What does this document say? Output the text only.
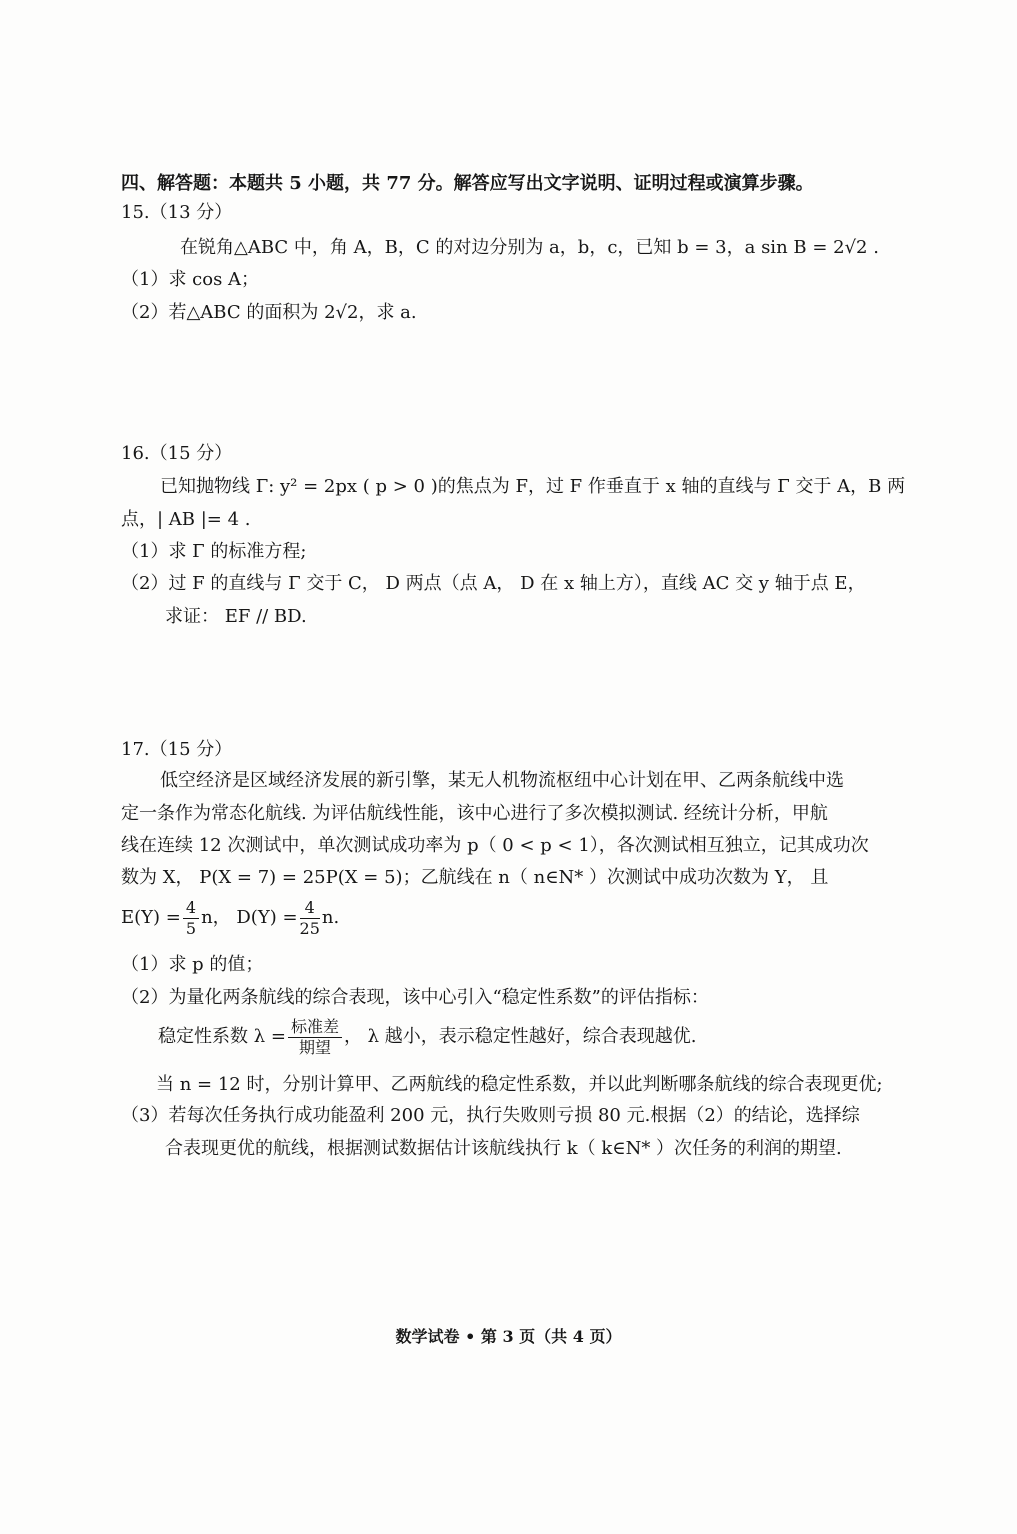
四、解答题：本题共 5 小题，共 77 分。解答应写出文字说明、证明过程或演算步骤。
15.（13 分）
在锐角△ABC 中，角 A，B，C 的对边分别为 a，b，c，已知 b = 3，a sin B = 2√2 .
（1）求 cos A；
（2）若△ABC 的面积为 2√2，求 a.
16.（15 分）
已知抛物线 Γ: y² = 2px ( p > 0 )的焦点为 F，过 F 作垂直于 x 轴的直线与 Γ 交于 A，B 两
点，| AB |= 4 .
（1）求 Γ 的标准方程;
（2）过 F 的直线与 Γ 交于 C， D 两点（点 A， D 在 x 轴上方），直线 AC 交 y 轴于点 E，
求证： EF // BD.
17.（15 分）
低空经济是区域经济发展的新引擎，某无人机物流枢纽中心计划在甲、乙两条航线中选
定一条作为常态化航线. 为评估航线性能，该中心进行了多次模拟测试. 经统计分析，甲航
线在连续 12 次测试中，单次测试成功率为 p（ 0 < p < 1），各次测试相互独立，记其成功次
数为 X， P(X = 7) = 25P(X = 5)；乙航线在 n（ n∈N* ）次测试中成功次数为 Y， 且
$E(Y) = \frac{4}{5}$ n， $D(Y) = \frac{4}{25} n$.
（1）求 p 的值；
（2）为量化两条航线的综合表现，该中心引入“稳定性系数”的评估指标：
稳定性系数 $\lambda = \frac{\text{标准差}}{\text{期望}}$ ， λ 越小，表示稳定性越好，综合表现越优.
当 n = 12 时，分别计算甲、乙两航线的稳定性系数，并以此判断哪条航线的综合表现更优;
（3）若每次任务执行成功能盈利 200 元，执行失败则亏损 80 元.根据（2）的结论，选择综
合表现更优的航线，根据测试数据估计该航线执行 k（ k∈N* ）次任务的利润的期望.
数学试卷 • 第 3 页（共 4 页）
